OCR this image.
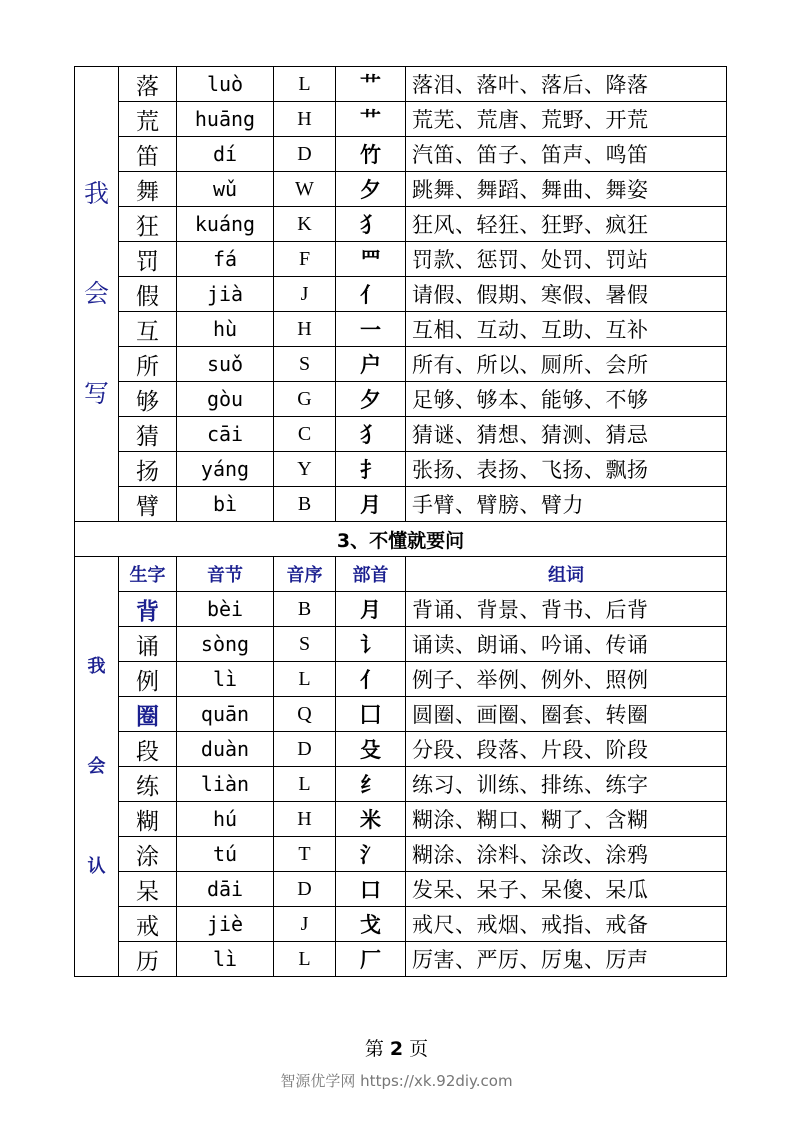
我
会
写	落	luò	L	艹	落泪、落叶、落后、降落
	荒	huāng	H	艹	荒芜、荒唐、荒野、开荒
	笛	dí	D	竹	汽笛、笛子、笛声、鸣笛
	舞	wǔ	W	夕	跳舞、舞蹈、舞曲、舞姿
	狂	kuáng	K	犭	狂风、轻狂、狂野、疯狂
	罚	fá	F	罒	罚款、惩罚、处罚、罚站
	假	jià	J	亻	请假、假期、寒假、暑假
	互	hù	H	一	互相、互动、互助、互补
	所	suǒ	S	户	所有、所以、厕所、会所
	够	gòu	G	夕	足够、够本、能够、不够
	猜	cāi	C	犭	猜谜、猜想、猜测、猜忌
	扬	yáng	Y	扌	张扬、表扬、飞扬、飘扬
	臂	bì	B	月	手臂、臂膀、臂力
3、不懂就要问					

我
会
认	生字	音节	音序	部首	组词
	背	bèi	B	月	背诵、背景、背书、后背
	诵	sòng	S	讠	诵读、朗诵、吟诵、传诵
	例	lì	L	亻	例子、举例、例外、照例
	圈	quān	Q	囗	圆圈、画圈、圈套、转圈
	段	duàn	D	殳	分段、段落、片段、阶段
	练	liàn	L	纟	练习、训练、排练、练字
	糊	hú	H	米	糊涂、糊口、糊了、含糊
	涂	tú	T	氵	糊涂、涂料、涂改、涂鸦
	呆	dāi	D	口	发呆、呆子、呆傻、呆瓜
	戒	jiè	J	戈	戒尺、戒烟、戒指、戒备
	历	lì	L	厂	厉害、严厉、厉鬼、厉声
第 2 页
智源优学网 https://xk.92diy.com
